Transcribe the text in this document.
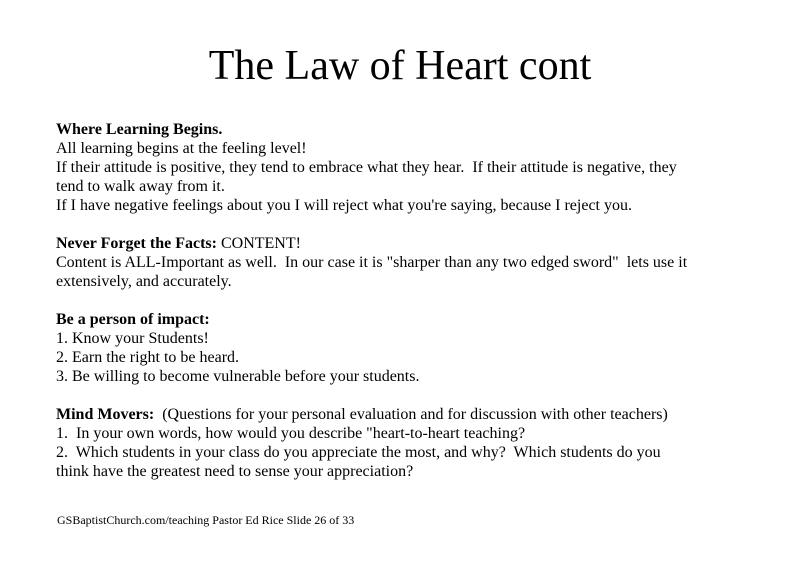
The Law of Heart cont
Where Learning Begins.
All learning begins at the feeling level!
If their attitude is positive, they tend to embrace what they hear.  If their attitude is negative, they
tend to walk away from it.
If I have negative feelings about you I will reject what you're saying, because I reject you.
Never Forget the Facts: CONTENT!
Content is ALL-Important as well.  In our case it is "sharper than any two edged sword"  lets use it
extensively, and accurately.
Be a person of impact:
1. Know your Students!
2. Earn the right to be heard.
3. Be willing to become vulnerable before your students.
Mind Movers:  (Questions for your personal evaluation and for discussion with other teachers)
1.  In your own words, how would you describe "heart-to-heart teaching?
2.  Which students in your class do you appreciate the most, and why?  Which students do you
think have the greatest need to sense your appreciation?
GSBaptistChurch.com/teaching Pastor Ed Rice Slide 26 of 33
